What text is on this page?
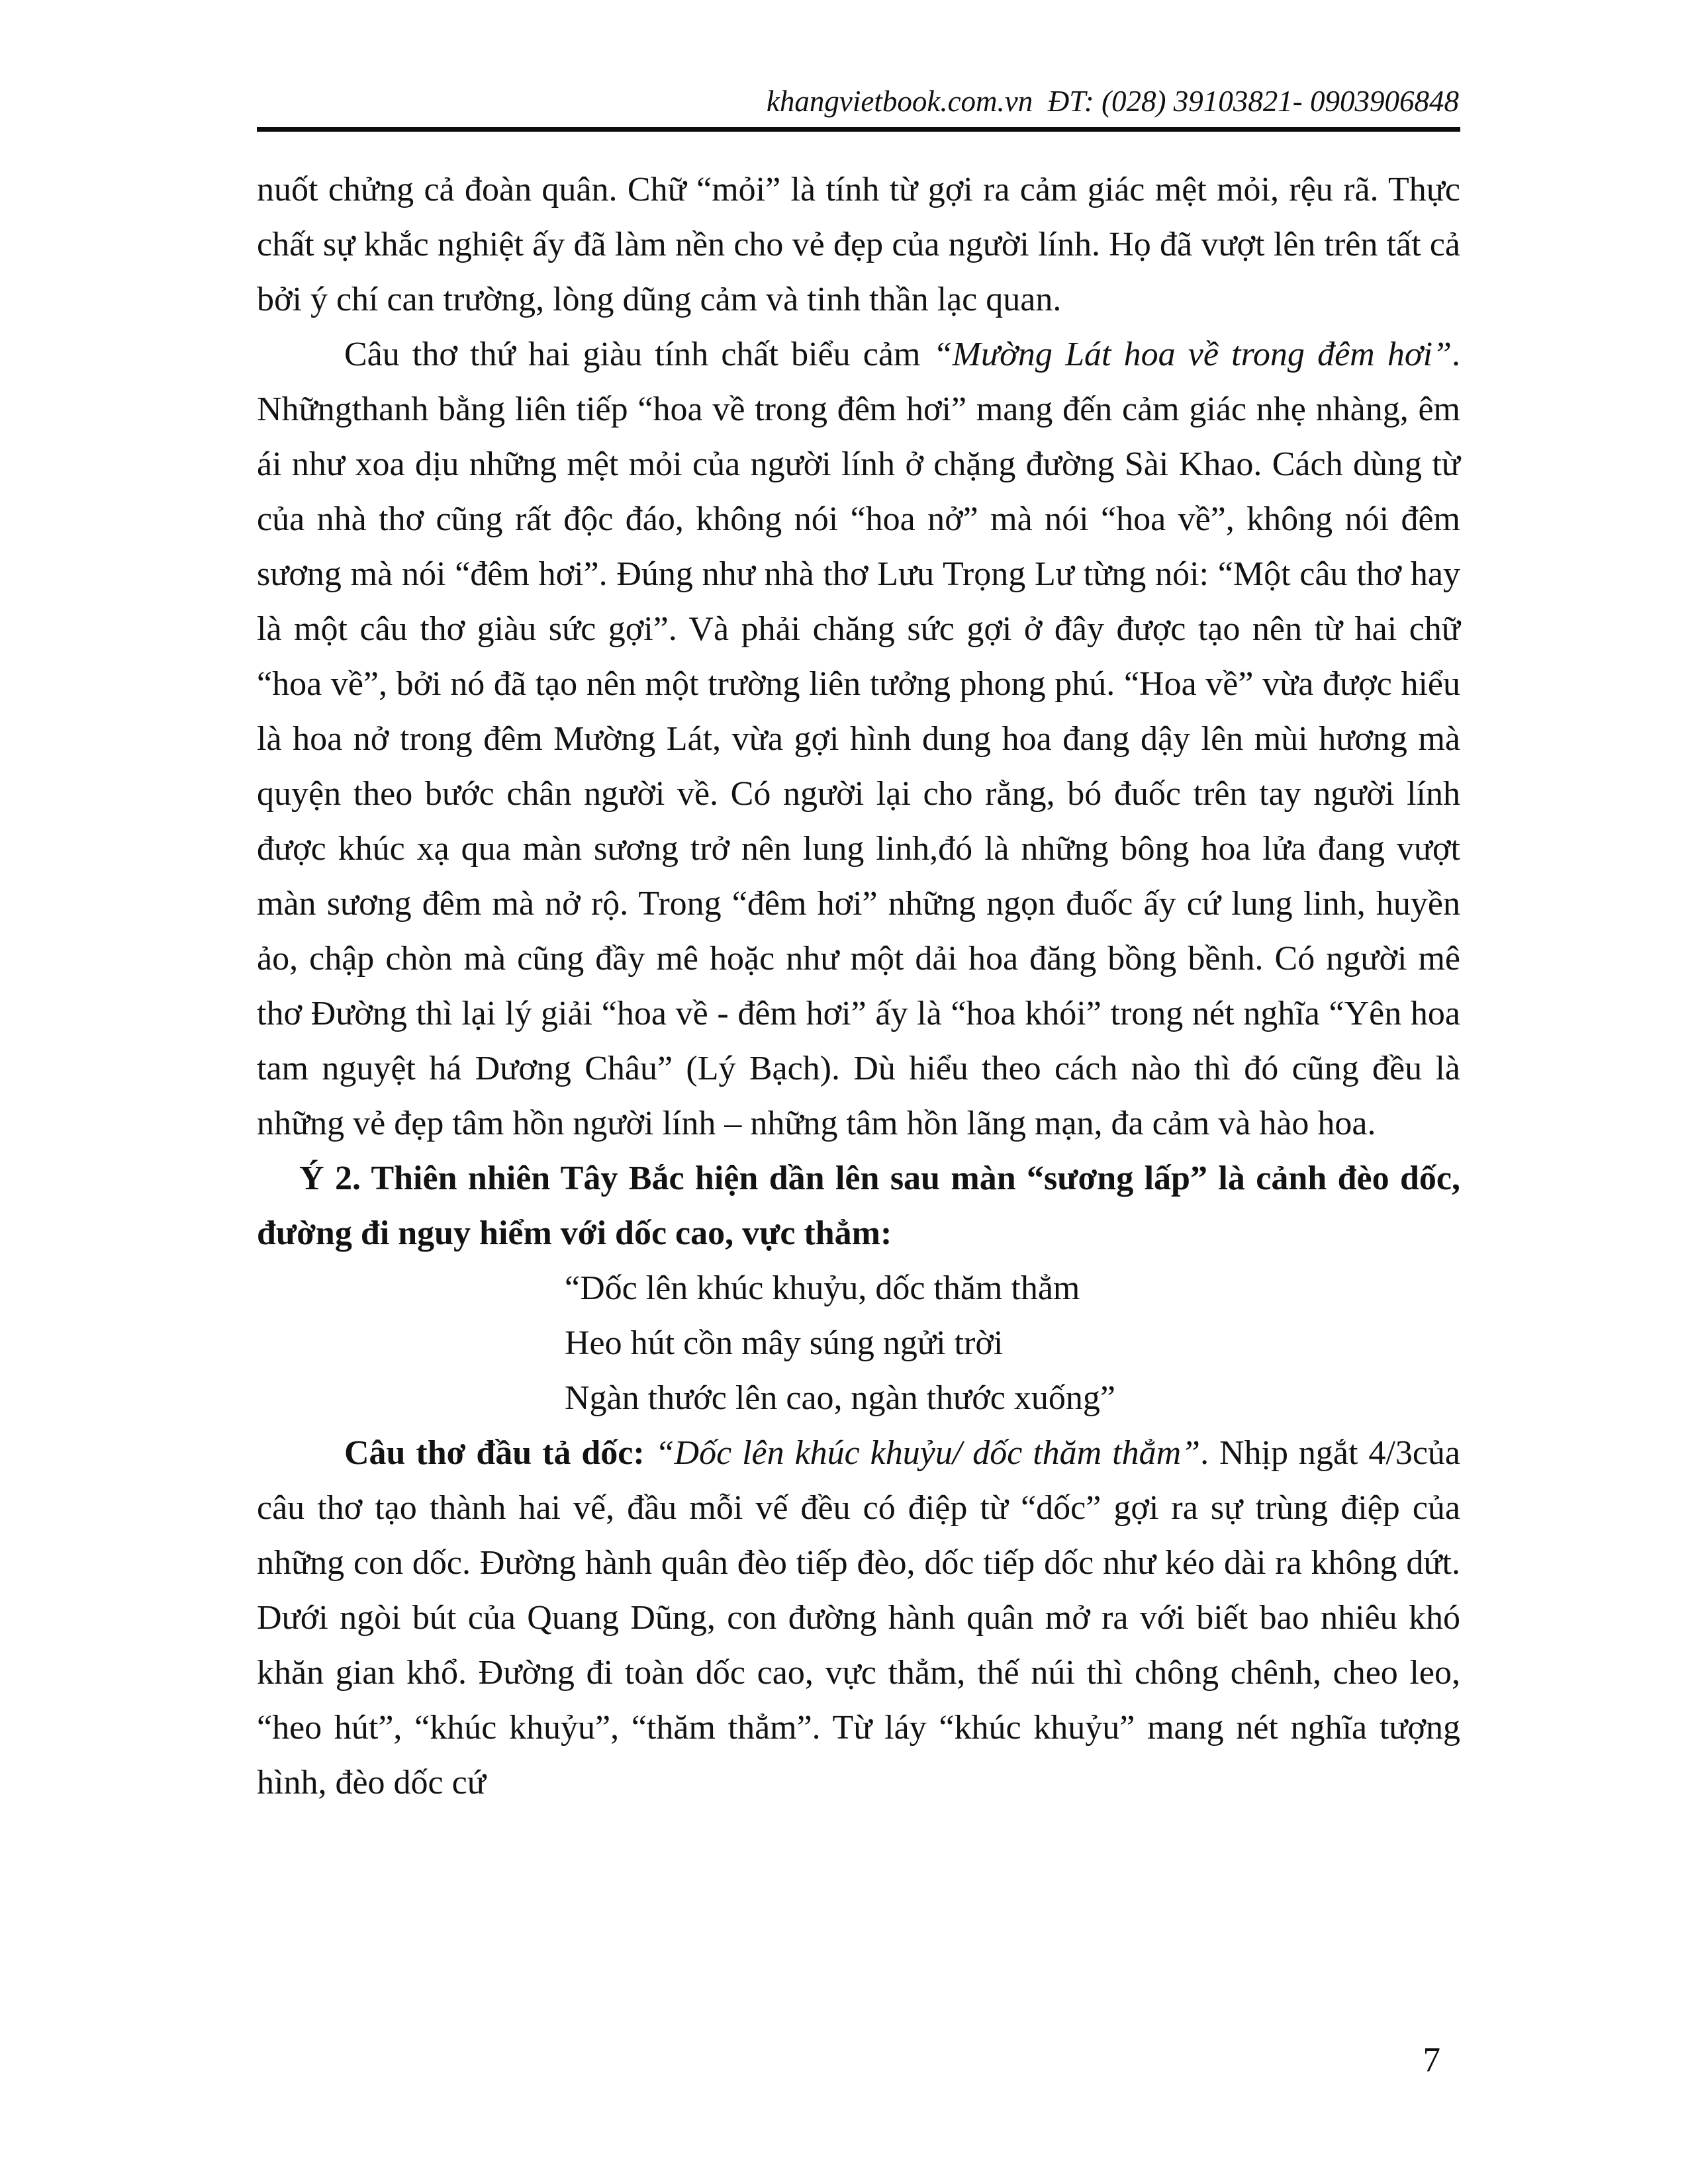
khangvietbook.com.vn  ĐT: (028) 39103821- 0903906848

nuốt chửng cả đoàn quân. Chữ “mỏi” là tính từ gợi ra cảm giác mệt mỏi, rệu rã. Thực chất sự khắc nghiệt ấy đã làm nền cho vẻ đẹp của người lính. Họ đã vượt lên trên tất cả bởi ý chí can trường, lòng dũng cảm và tinh thần lạc quan.

Câu thơ thứ hai giàu tính chất biểu cảm “Mường Lát hoa về trong đêm hơi”. Nhữngthanh bằng liên tiếp “hoa về trong đêm hơi” mang đến cảm giác nhẹ nhàng, êm ái như xoa dịu những mệt mỏi của người lính ở chặng đường Sài Khao. Cách dùng từ của nhà thơ cũng rất độc đáo, không nói “hoa nở” mà nói “hoa về”, không nói đêm sương mà nói “đêm hơi”. Đúng như nhà thơ Lưu Trọng Lư từng nói: “Một câu thơ hay là một câu thơ giàu sức gợi”. Và phải chăng sức gợi ở đây được tạo nên từ hai chữ “hoa về”, bởi nó đã tạo nên một trường liên tưởng phong phú. “Hoa về” vừa được hiểu là hoa nở trong đêm Mường Lát, vừa gợi hình dung hoa đang dậy lên mùi hương mà quyện theo bước chân người về. Có người lại cho rằng, bó đuốc trên tay người lính được khúc xạ qua màn sương trở nên lung linh,đó là những bông hoa lửa đang vượt màn sương đêm mà nở rộ. Trong “đêm hơi” những ngọn đuốc ấy cứ lung linh, huyền ảo, chập chòn mà cũng đầy mê hoặc như một dải hoa đăng bồng bềnh. Có người mê thơ Đường thì lại lý giải “hoa về - đêm hơi” ấy là “hoa khói” trong nét nghĩa “Yên hoa tam nguyệt há Dương Châu” (Lý Bạch). Dù hiểu theo cách nào thì đó cũng đều là những vẻ đẹp tâm hồn người lính – những tâm hồn lãng mạn, đa cảm và hào hoa.

Ý 2. Thiên nhiên Tây Bắc hiện dần lên sau màn “sương lấp” là cảnh đèo dốc, đường đi nguy hiểm với dốc cao, vực thẳm:

“Dốc lên khúc khuỷu, dốc thăm thẳm
Heo hút cồn mây súng ngửi trời
Ngàn thước lên cao, ngàn thước xuống”

Câu thơ đầu tả dốc: “Dốc lên khúc khuỷu/ dốc thăm thẳm”. Nhịp ngắt 4/3của câu thơ tạo thành hai vế, đầu mỗi vế đều có điệp từ “dốc” gợi ra sự trùng điệp của những con dốc. Đường hành quân đèo tiếp đèo, dốc tiếp dốc như kéo dài ra không dứt. Dưới ngòi bút của Quang Dũng, con đường hành quân mở ra với biết bao nhiêu khó khăn gian khổ. Đường đi toàn dốc cao, vực thẳm, thế núi thì chông chênh, cheo leo, “heo hút”, “khúc khuỷu”, “thăm thẳm”. Từ láy “khúc khuỷu” mang nét nghĩa tượng hình, đèo dốc cứ

7
